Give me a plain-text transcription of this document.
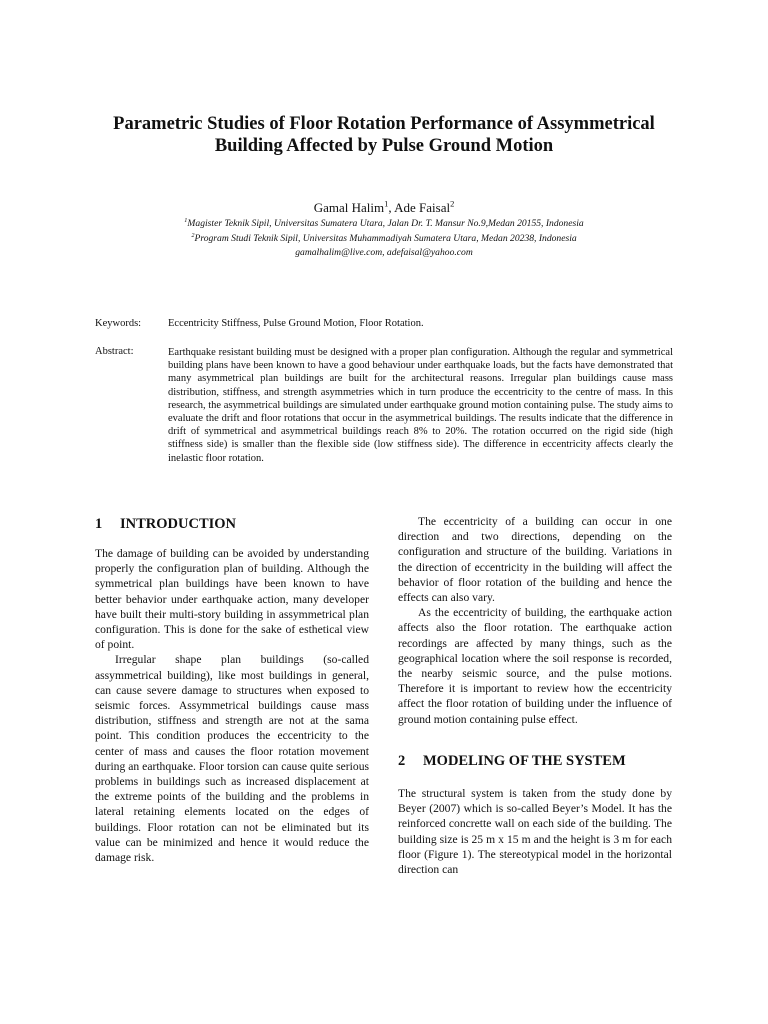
Parametric Studies of Floor Rotation Performance of Assymmetrical Building Affected by Pulse Ground Motion
Gamal Halim$^1$, Ade Faisal$^2$
$^1$Magister Teknik Sipil, Universitas Sumatera Utara, Jalan Dr. T. Mansur No.9,Medan 20155, Indonesia
$^2$Program Studi Teknik Sipil, Universitas Muhammadiyah Sumatera Utara, Medan 20238, Indonesia
gamalhalim@live.com, adefaisal@yahoo.com
Keywords:	Eccentricity Stiffness, Pulse Ground Motion, Floor Rotation.
Abstract:	Earthquake resistant building must be designed with a proper plan configuration. Although the regular and symmetrical building plans have been known to have a good behaviour under earthquake loads, but the facts have demonstrated that many asymmetrical plan buildings are built for the architectural reasons. Irregular plan buildings cause mass distribution, stiffness, and strength asymmetries which in turn produce the eccentricity to the centre of mass. In this research, the asymmetrical buildings are simulated under earthquake ground motion containing pulse. The study aims to evaluate the drift and floor rotations that occur in the asymmetrical buildings. The results indicate that the difference in drift of symmetrical and asymmetrical buildings reach 8% to 20%. The rotation occurred on the rigid side (high stiffness side) is smaller than the flexible side (low stiffness side). The difference in eccentricity affects clearly the inelastic floor rotation.
1 INTRODUCTION

The damage of building can be avoided by understanding properly the configuration plan of building. Although the symmetrical plan buildings have been known to have better behavior under earthquake action, many developer have built their multi-story building in assymmetrical plan configuration. This is done for the sake of esthetical view of point.

Irregular shape plan buildings (so-called assymmetrical building), like most buildings in general, can cause severe damage to structures when exposed to seismic forces. Assymmetrical buildings cause mass distribution, stiffness and strength are not at the sama point. This condition produces the eccentricity to the center of mass and causes the floor rotation movement during an earthquake. Floor torsion can cause quite serious problems in buildings such as increased displacement at the extreme points of the building and the problems in lateral retaining elements located on the edges of buildings. Floor rotation can not be eliminated but its value can be minimized and hence it would reduce the damage risk.

The eccentricity of a building can occur in one direction and two directions, depending on the configuration and structure of the building. Variations in the direction of eccentricity in the building will affect the behavior of floor rotation of the building and hence the effects can also vary.

As the eccentricity of building, the earthquake action affects also the floor rotation. The earthquake action recordings are affected by many things, such as the geographical location where the soil response is recorded, the nearby seismic source, and the pulse motions. Therefore it is important to review how the eccentricity affect the floor rotation of building under the influence of ground motion containing pulse effect.

2 MODELING OF THE SYSTEM

The structural system is taken from the study done by Beyer (2007) which is so-called Beyer’s Model. It has the reinforced concrette wall on each side of the building. The building size is 25 m x 15 m and the height is 3 m for each floor (Figure 1). The stereotypical model in the horizontal direction can
